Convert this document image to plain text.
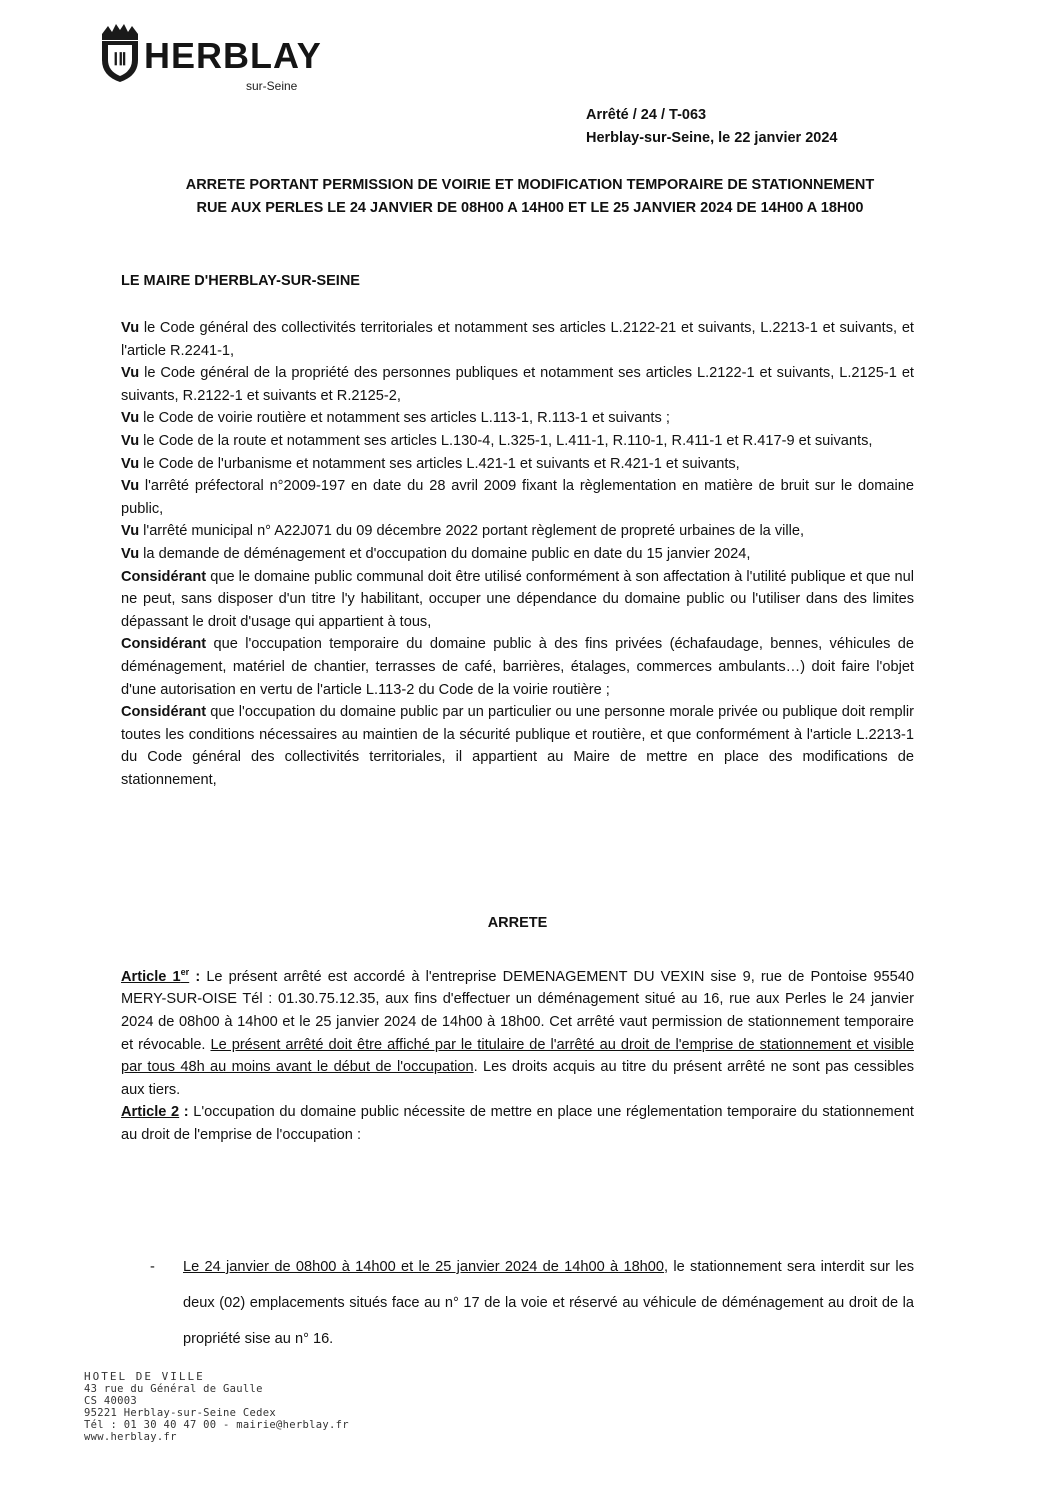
ⅠⅡ HERBLAY
sur-Seine
Arrêté / 24 / T-063
Herblay-sur-Seine, le 22 janvier 2024
ARRETE PORTANT PERMISSION DE VOIRIE ET MODIFICATION TEMPORAIRE DE STATIONNEMENT
RUE AUX PERLES LE 24 JANVIER DE 08H00 A 14H00 ET LE 25 JANVIER 2024 DE 14H00 A 18H00
LE MAIRE D'HERBLAY-SUR-SEINE

Vu le Code général des collectivités territoriales et notamment ses articles L.2122-21 et suivants, L.2213-1 et suivants, et l'article R.2241-1,

Vu le Code général de la propriété des personnes publiques et notamment ses articles L.2122-1 et suivants, L.2125-1 et suivants, R.2122-1 et suivants et R.2125-2,

Vu le Code de voirie routière et notamment ses articles L.113-1, R.113-1 et suivants ;

Vu le Code de la route et notamment ses articles L.130-4, L.325-1, L.411-1, R.110-1, R.411-1 et R.417-9 et suivants,

Vu le Code de l'urbanisme et notamment ses articles L.421-1 et suivants et R.421-1 et suivants,

Vu l'arrêté préfectoral n°2009-197 en date du 28 avril 2009 fixant la règlementation en matière de bruit sur le domaine public,

Vu l'arrêté municipal n° A22J071 du 09 décembre 2022 portant règlement de propreté urbaines de la ville,

Vu la demande de déménagement et d'occupation du domaine public en date du 15 janvier 2024,

Considérant que le domaine public communal doit être utilisé conformément à son affectation à l'utilité publique et que nul ne peut, sans disposer d'un titre l'y habilitant, occuper une dépendance du domaine public ou l'utiliser dans des limites dépassant le droit d'usage qui appartient à tous,

Considérant que l'occupation temporaire du domaine public à des fins privées (échafaudage, bennes, véhicules de déménagement, matériel de chantier, terrasses de café, barrières, étalages, commerces ambulants…) doit faire l'objet d'une autorisation en vertu de l'article L.113-2 du Code de la voirie routière ;

Considérant que l'occupation du domaine public par un particulier ou une personne morale privée ou publique doit remplir toutes les conditions nécessaires au maintien de la sécurité publique et routière, et que conformément à l'article L.2213-1 du Code général des collectivités territoriales, il appartient au Maire de mettre en place des modifications de stationnement,

ARRETE

Article 1er : Le présent arrêté est accordé à l'entreprise DEMENAGEMENT DU VEXIN sise 9, rue de Pontoise 95540 MERY-SUR-OISE Tél : 01.30.75.12.35, aux fins d'effectuer un déménagement situé au 16, rue aux Perles le 24 janvier 2024 de 08h00 à 14h00 et le 25 janvier 2024 de 14h00 à 18h00. Cet arrêté vaut permission de stationnement temporaire et révocable. Le présent arrêté doit être affiché par le titulaire de l'arrêté au droit de l'emprise de stationnement et visible par tous 48h au moins avant le début de l'occupation. Les droits acquis au titre du présent arrêté ne sont pas cessibles aux tiers.

Article 2 : L'occupation du domaine public nécessite de mettre en place une réglementation temporaire du stationnement au droit de l'emprise de l'occupation :

- Le 24 janvier de 08h00 à 14h00 et le 25 janvier 2024 de 14h00 à 18h00, le stationnement sera interdit sur les deux (02) emplacements situés face au n° 17 de la voie et réservé au véhicule de déménagement au droit de la propriété sise au n° 16.
HOTEL DE VILLE
43 rue du Général de Gaulle
CS 40003
95221 Herblay-sur-Seine Cedex
Tél : 01 30 40 47 00 - mairie@herblay.fr
www.herblay.fr
